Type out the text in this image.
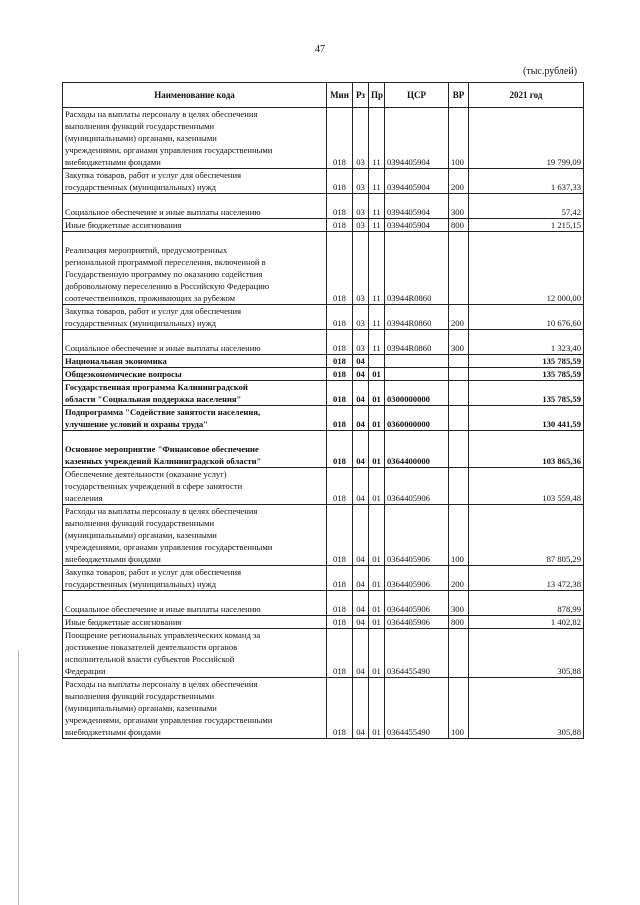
47
(тыс.рублей)
Наименование кода	Мин	Рз	Пр	ЦСР	ВР	2021 год
Расходы на выплаты персоналу в целях обеспечения
выполнения функций государственными
(муниципальными) органами, казенными
учреждениями, органами управления государственными
внебюджетными фондами	018	03	11	0394405904	100	19 799,09
Закупка товаров, работ и услуг для обеспечения
государственных (муниципальных) нужд	018	03	11	0394405904	200	1 637,33

Социальное обеспечение и иные выплаты населению	018	03	11	0394405904	300	57,42
Иные бюджетные ассигнования	018	03	11	0394405904	800	1 215,15

Реализация мероприятий, предусмотренных
региональной программой переселения, включенной в
Государственную программу по оказанию содействия
добровольному переселению в Российскую Федерацию
соотечественников, проживающих за рубежом	018	03	11	03944R0860		12 000,00
Закупка товаров, работ и услуг для обеспечения
государственных (муниципальных) нужд	018	03	11	03944R0860	200	10 676,60

Социальное обеспечение и иные выплаты населению	018	03	11	03944R0860	300	1 323,40
Национальная экономика	018	04				135 785,59
Общеэкономические вопросы	018	04	01			135 785,59
Государственная программа Калининградской
области "Социальная поддержка населения"	018	04	01	0300000000		135 785,59
Подпрограмма "Содействие занятости населения,
улучшение условий и охраны труда"	018	04	01	0360000000		130 441,59

Основное мероприятие "Финансовое обеспечение
казенных учреждений Калининградской области"	018	04	01	0364400000		103 865,36
Обеспечение деятельности (оказание услуг)
государственных учреждений в сфере занятости
населения	018	04	01	0364405906		103 559,48
Расходы на выплаты персоналу в целях обеспечения
выполнения функций государственными
(муниципальными) органами, казенными
учреждениями, органами управления государственными
внебюджетными фондами	018	04	01	0364405906	100	87 805,29
Закупка товаров, работ и услуг для обеспечения
государственных (муниципальных) нужд	018	04	01	0364405906	200	13 472,38

Социальное обеспечение и иные выплаты населению	018	04	01	0364405906	300	878,99
Иные бюджетные ассигнования	018	04	01	0364405906	800	1 402,82
Поощрение региональных управленческих команд за
достижение показателей деятельности органов
исполнительной власти субъектов Российской
Федерации	018	04	01	0364455490		305,88
Расходы на выплаты персоналу в целях обеспечения
выполнения функций государственными
(муниципальными) органами, казенными
учреждениями, органами управления государственными
внебюджетными фондами	018	04	01	0364455490	100	305,88
